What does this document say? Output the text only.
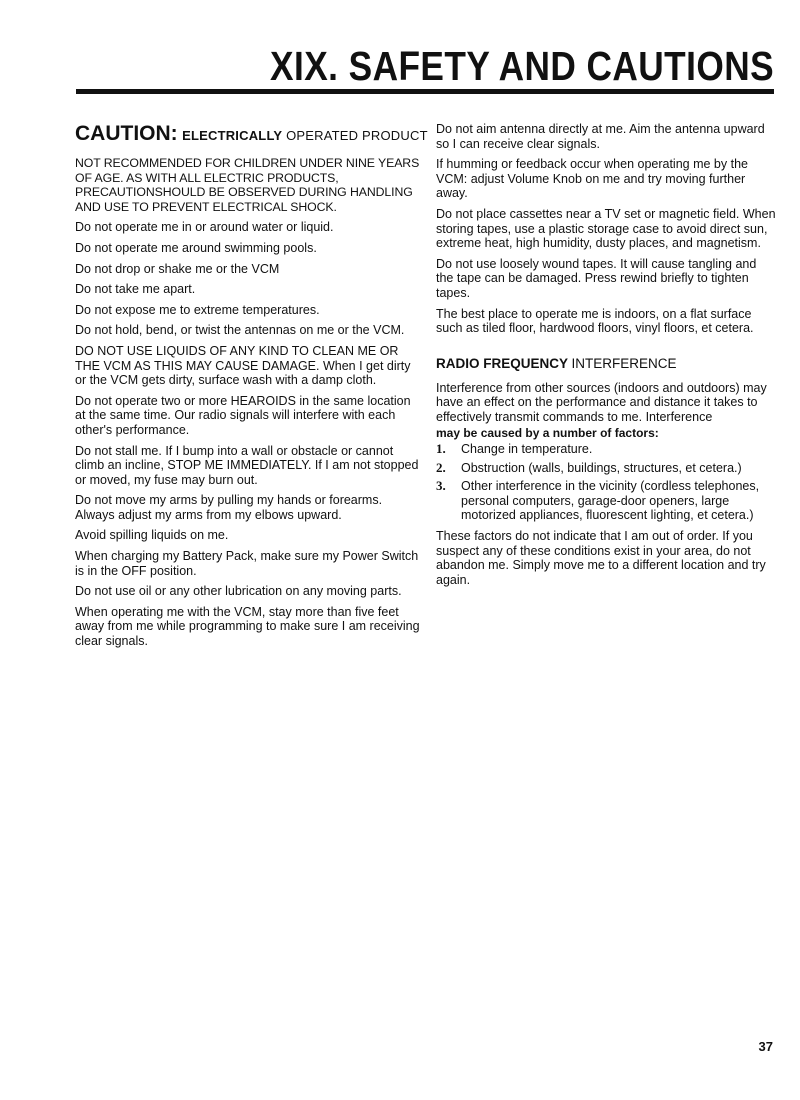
XIX. SAFETY AND CAUTIONS
CAUTION: ELECTRICALLY OPERATED PRODUCT

NOT RECOMMENDED FOR CHILDREN UNDER NINE YEARS OF AGE. AS WITH ALL ELECTRIC PRODUCTS, PRECAUTIONSHOULD BE OBSERVED DURING HANDLING AND USE TO PREVENT ELECTRICAL SHOCK.

Do not operate me in or around water or liquid.

Do not operate me around swimming pools.

Do not drop or shake me or the VCM

Do not take me apart.

Do not expose me to extreme temperatures.

Do not hold, bend, or twist the antennas on me or the VCM.

DO NOT USE LIQUIDS OF ANY KIND TO CLEAN ME OR THE VCM AS THIS MAY CAUSE DAMAGE. When I get dirty or the VCM gets dirty, surface wash with a damp cloth.

Do not operate two or more HEAROIDS in the same location at the same time. Our radio signals will interfere with each other's performance.

Do not stall me. If I bump into a wall or obstacle or cannot climb an incline, STOP ME IMMEDIATELY. If I am not stopped or moved, my fuse may burn out.

Do not move my arms by pulling my hands or forearms. Always adjust my arms from my elbows upward.

Avoid spilling liquids on me.

When charging my Battery Pack, make sure my Power Switch is in the OFF position.

Do not use oil or any other lubrication on any moving parts.

When operating me with the VCM, stay more than five feet away from me while programming to make sure I am receiving clear signals.

Do not aim antenna directly at me. Aim the antenna upward so I can receive clear signals.

If humming or feedback occur when operating me by the VCM: adjust Volume Knob on me and try moving further away.

Do not place cassettes near a TV set or magnetic field. When storing tapes, use a plastic storage case to avoid direct sun, extreme heat, high humidity, dusty places, and magnetism.

Do not use loosely wound tapes. It will cause tangling and the tape can be damaged. Press rewind briefly to tighten tapes.

The best place to operate me is indoors, on a flat surface such as tiled floor, hardwood floors, vinyl floors, et cetera.

RADIO FREQUENCY INTERFERENCE

Interference from other sources (indoors and outdoors) may have an effect on the performance and distance it takes to effectively transmit commands to me. Interference

may be caused by a number of factors:

1.	Change in temperature.
2.	Obstruction (walls, buildings, structures, et cetera.)
3.	Other interference in the vicinity (cordless telephones, personal computers, garage-door openers, large motorized appliances, fluorescent lighting, et cetera.)

These factors do not indicate that I am out of order. If you suspect any of these conditions exist in your area, do not abandon me. Simply move me to a different location and try again.

37
